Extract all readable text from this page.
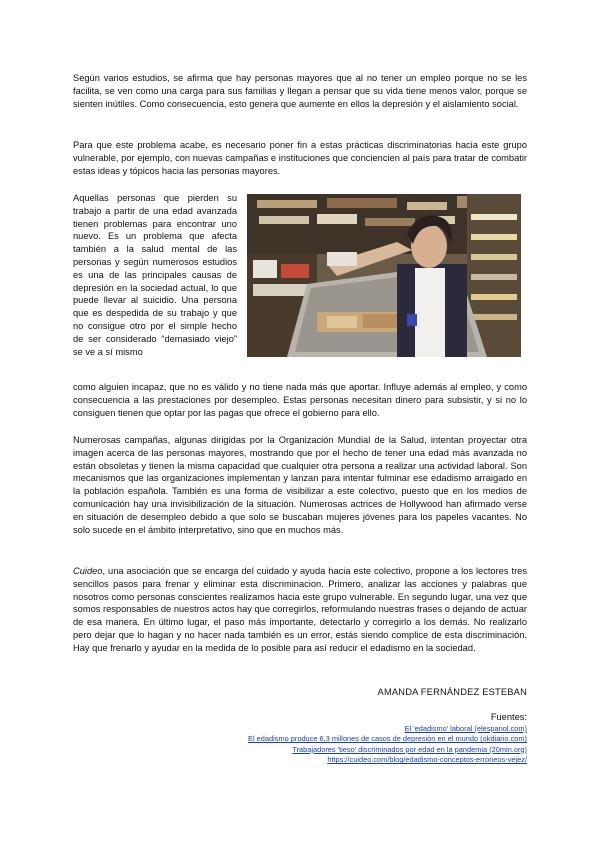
Según varios estudios, se afirma que hay personas mayores que al no tener un empleo porque no se les facilita, se ven como una carga para sus familias y llegan a pensar que su vida tiene menos valor, porque se sienten inútiles. Como consecuencia, esto genera que aumente en ellos la depresión y el aislamiento social.

Para que este problema acabe, es necesario poner fin a estas prácticas discriminatorias hacia este grupo vulnerable, por ejemplo, con nuevas campañas e instituciones que conciencien al país para tratar de combatir estas ideas y tópicos hacia las personas mayores.

Aquellas personas que pierden su trabajo a partir de una edad avanzada tienen problemas para encontrar uno nuevo. Es un problema que afecta también a la salud mental de las personas y según numerosos estudios es una de las principales causas de depresión en la sociedad actual, lo que puede llevar al suicidio. Una persona que es despedida de su trabajo y que no consigue otro por el simple hecho de ser considerado “demasiado viejo” se ve a sí mismo

como alguien incapaz, que no es válido y no tiene nada más que aportar. Influye además al empleo, y como consecuencia a las prestaciones por desempleo. Estas personas necesitan dinero para subsistir, y si no lo consiguen tienen que optar por las pagas que ofrece el gobierno para ello.

Numerosas campañas, algunas dirigidas por la Organización Mundial de la Salud, intentan proyectar otra imagen acerca de las personas mayores, mostrando que por el hecho de tener una edad más avanzada no están obsoletas y tienen la misma capacidad que cualquier otra persona a realizar una actividad laboral. Son mecanismos que las organizaciones implementan y lanzan para intentar fulminar ese edadismo arraigado en la población española. También es una forma de visibilizar a este colectivo, puesto que en los medios de comunicación hay una invisibilización de la situación. Numerosas actrices de Hollywood han afirmado verse en situación de desempleo debido a que solo se buscaban mujeres jóvenes para los papeles vacantes. No solo sucede en el ámbito interpretativo, sino que en muchos más.

Cuideo, una asociación que se encarga del cuidado y ayuda hacia este colectivo, propone a los lectores tres sencillos pasos para frenar y eliminar esta discriminacion. Primero, analizar las acciones y palabras que nosotros como personas conscientes realizamos hacia este grupo vulnerable. En segundo lugar, una vez que somos responsables de nuestros actos hay que corregirlos, reformulando nuestras frases o dejando de actuar de esa manera. En último lugar, el paso más importante, detectarlo y corregirlo a los demás. No realizarlo pero dejar que lo hagan y no hacer nada también es un error, estás siendo complice de esta discriminación. Hay que frenarlo y ayudar en la medida de lo posible para así reducir el edadismo en la sociedad.

AMANDA FERNÁNDEZ ESTEBAN
Fuentes:
El 'edadismo' laboral (elespanol.com)
El edadismo produce 6,3 millones de casos de depresión en el mundo (okdiario.com)
Trabajadores 'tieso' discriminados por edad en la pandemia (20min.org)
https://cuideo.com/blog/edadismo-conceptos-erroneos-vejez/
